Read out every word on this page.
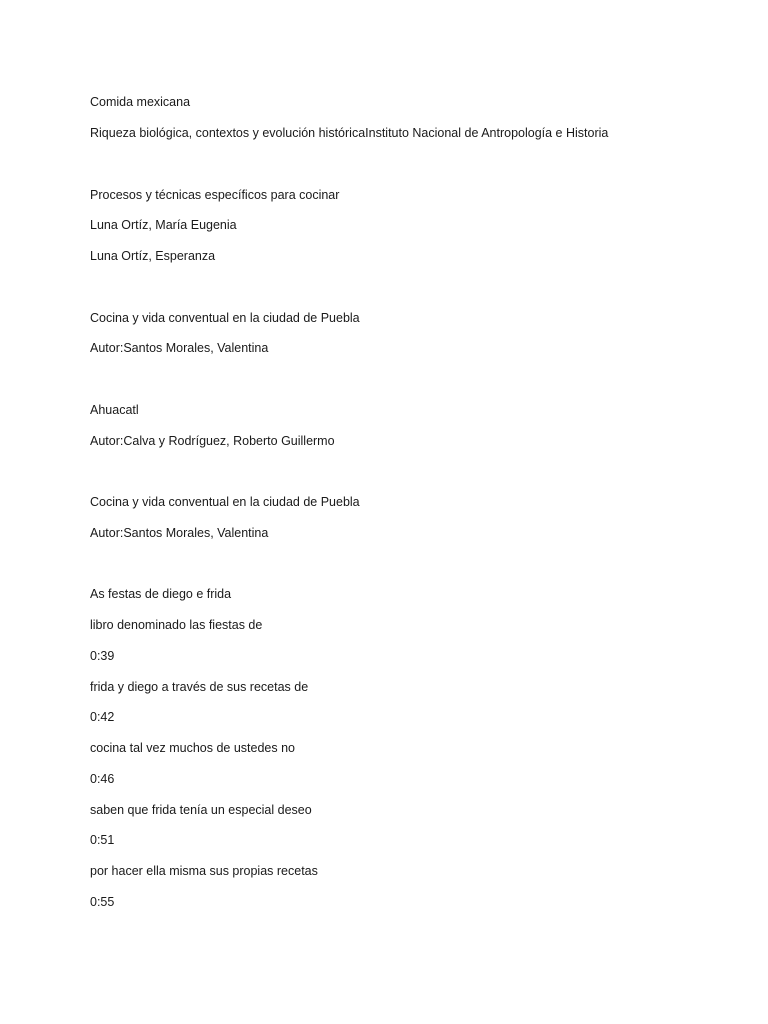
Comida mexicana
Riqueza biológica, contextos y evolución históricaInstituto Nacional de Antropología e Historia
Procesos y técnicas específicos para cocinar
Luna Ortíz, María Eugenia
Luna Ortíz, Esperanza
Cocina y vida conventual en la ciudad de Puebla
Autor:Santos Morales, Valentina
Ahuacatl
Autor:Calva y Rodríguez, Roberto Guillermo
Cocina y vida conventual en la ciudad de Puebla
Autor:Santos Morales, Valentina
As festas de diego e frida
libro denominado las fiestas de
0:39
frida y diego a través de sus recetas de
0:42
cocina tal vez muchos de ustedes no
0:46
saben que frida tenía un especial deseo
0:51
por hacer ella misma sus propias recetas
0:55
